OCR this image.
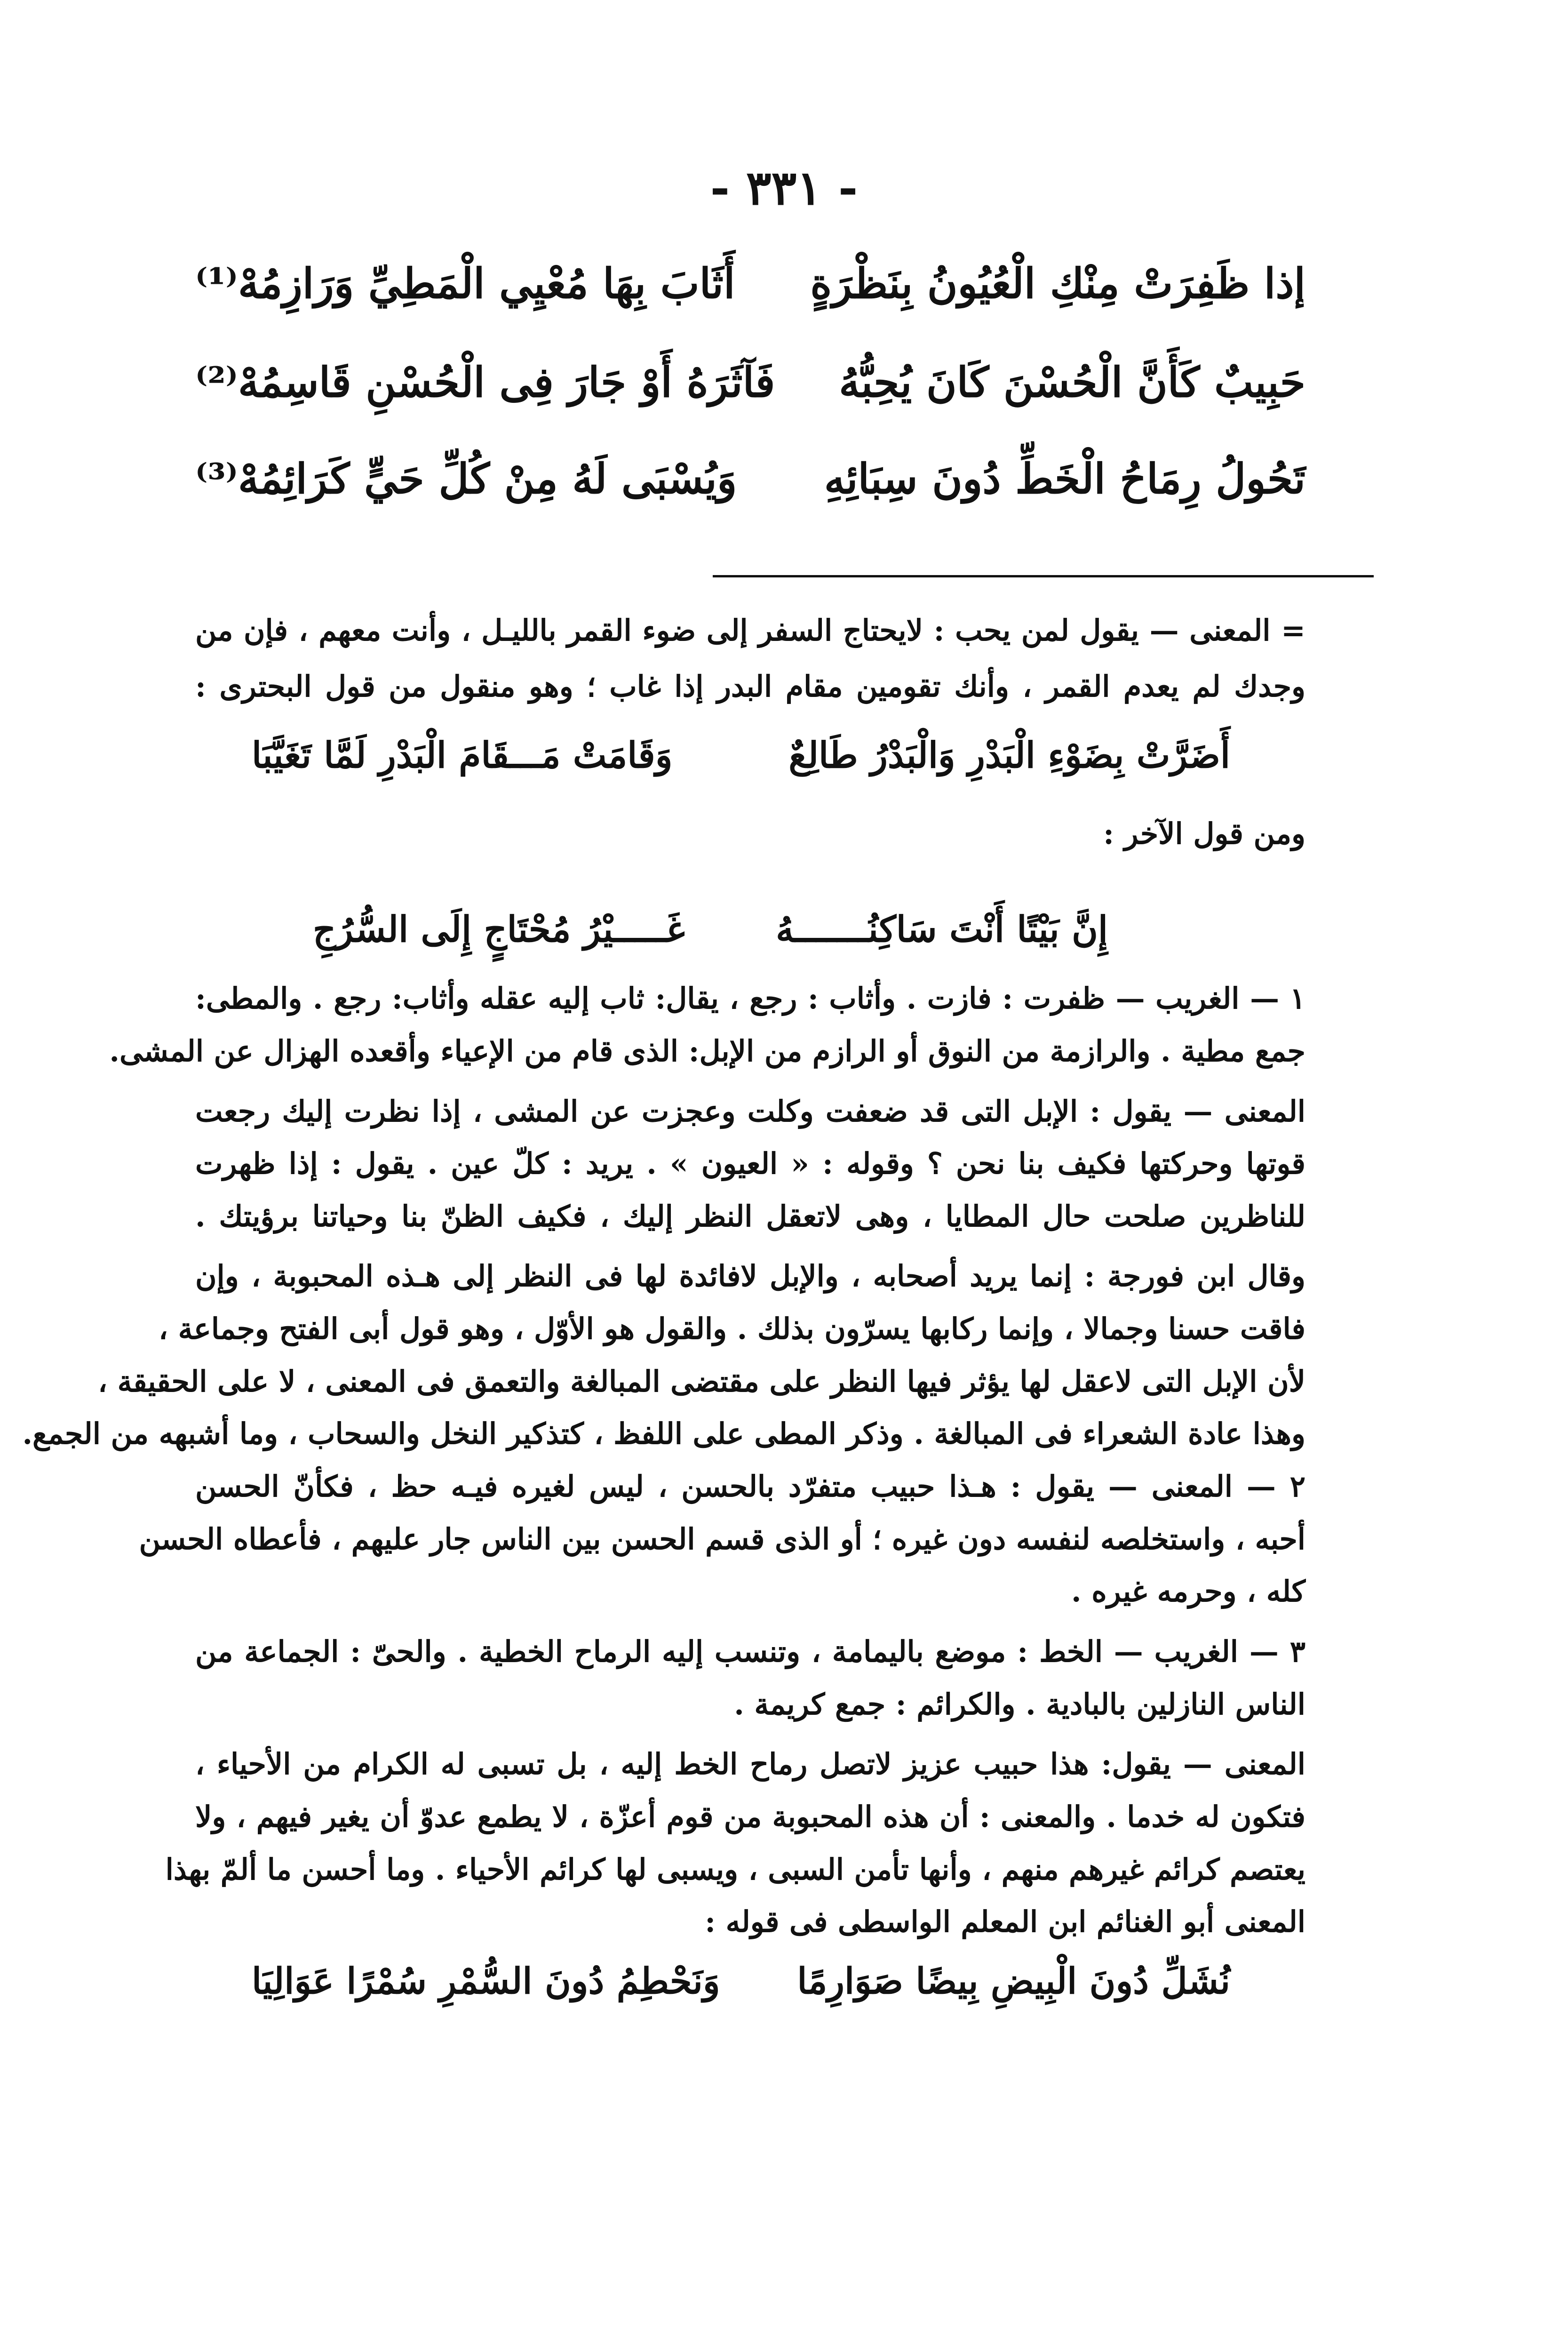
- ٣٣١ -
إذا ظَفِرَتْ مِنْكِ الْعُيُونُ بِنَظْرَةٍ
أَثَابَ بِهَا مُعْيِي الْمَطِيِّ وَرَازِمُهْ⁽¹⁾
حَبِيبٌ كَأَنَّ الْحُسْنَ كَانَ يُحِبُّهُ
فَآثَرَهُ أَوْ جَارَ فِى الْحُسْنِ قَاسِمُهْ⁽²⁾
تَحُولُ رِمَاحُ الْخَطِّ دُونَ سِبَائِهِ
وَيُسْبَى لَهُ مِنْ كُلِّ حَيٍّ كَرَائِمُهْ⁽³⁾
= المعنى — يقول لمن يحب : لايحتاج السفر إلى ضوء القمر بالليـل ، وأنت معهم ، فإن من
وجدك لم يعدم القمر ، وأنك تقومين مقام البدر إذا غاب ؛ وهو منقول من قول البحترى :
أَضَرَّتْ بِضَوْءِ الْبَدْرِ وَالْبَدْرُ طَالِعٌ
وَقَامَتْ مَـــقَامَ الْبَدْرِ لَمَّا تَغَيَّبَا
ومن قول الآخر :
إِنَّ بَيْتًا أَنْتَ سَاكِنُـــــــهُ
غَـــــيْرُ مُحْتَاجٍ إِلَى السُّرُجِ
١ — الغريب — ظفرت : فازت . وأثاب : رجع ، يقال: ثاب إليه عقله وأثاب: رجع . والمطى:
جمع مطية . والرازمة من النوق أو الرازم من الإبل: الذى قام من الإعياء وأقعده الهزال عن المشى.
المعنى — يقول : الإبل التى قد ضعفت وكلت وعجزت عن المشى ، إذا نظرت إليك رجعت
قوتها وحركتها فكيف بنا نحن ؟ وقوله : « العيون » . يريد : كلّ عين . يقول : إذا ظهرت
للناظرين صلحت حال المطايا ، وهى لاتعقل النظر إليك ، فكيف الظنّ بنا وحياتنا برؤيتك .
وقال ابن فورجة : إنما يريد أصحابه ، والإبل لافائدة لها فى النظر إلى هـذه المحبوبة ، وإن
فاقت حسنا وجمالا ، وإنما ركابها يسرّون بذلك . والقول هو الأوّل ، وهو قول أبى الفتح وجماعة ،
لأن الإبل التى لاعقل لها يؤثر فيها النظر على مقتضى المبالغة والتعمق فى المعنى ، لا على الحقيقة ،
وهذا عادة الشعراء فى المبالغة . وذكر المطى على اللفظ ، كتذكير النخل والسحاب ، وما أشبهه من الجمع.
٢ — المعنى — يقول : هـذا حبيب متفرّد بالحسن ، ليس لغيره فيـه حظ ، فكأنّ الحسن
أحبه ، واستخلصه لنفسه دون غيره ؛ أو الذى قسم الحسن بين الناس جار عليهم ، فأعطاه الحسن
كله ، وحرمه غيره .
٣ — الغريب — الخط : موضع باليمامة ، وتنسب إليه الرماح الخطية . والحىّ : الجماعة من
الناس النازلين بالبادية . والكرائم : جمع كريمة .
المعنى — يقول: هذا حبيب عزيز لاتصل رماح الخط إليه ، بل تسبى له الكرام من الأحياء ،
فتكون له خدما . والمعنى : أن هذه المحبوبة من قوم أعزّة ، لا يطمع عدوّ أن يغير فيهم ، ولا
يعتصم كرائم غيرهم منهم ، وأنها تأمن السبى ، ويسبى لها كرائم الأحياء . وما أحسن ما ألمّ بهذا
المعنى أبو الغنائم ابن المعلم الواسطى فى قوله :
نُشَلِّ دُونَ الْبِيضِ بِيضًا صَوَارِمًا
وَنَحْطِمُ دُونَ السُّمْرِ سُمْرًا عَوَالِيَا
